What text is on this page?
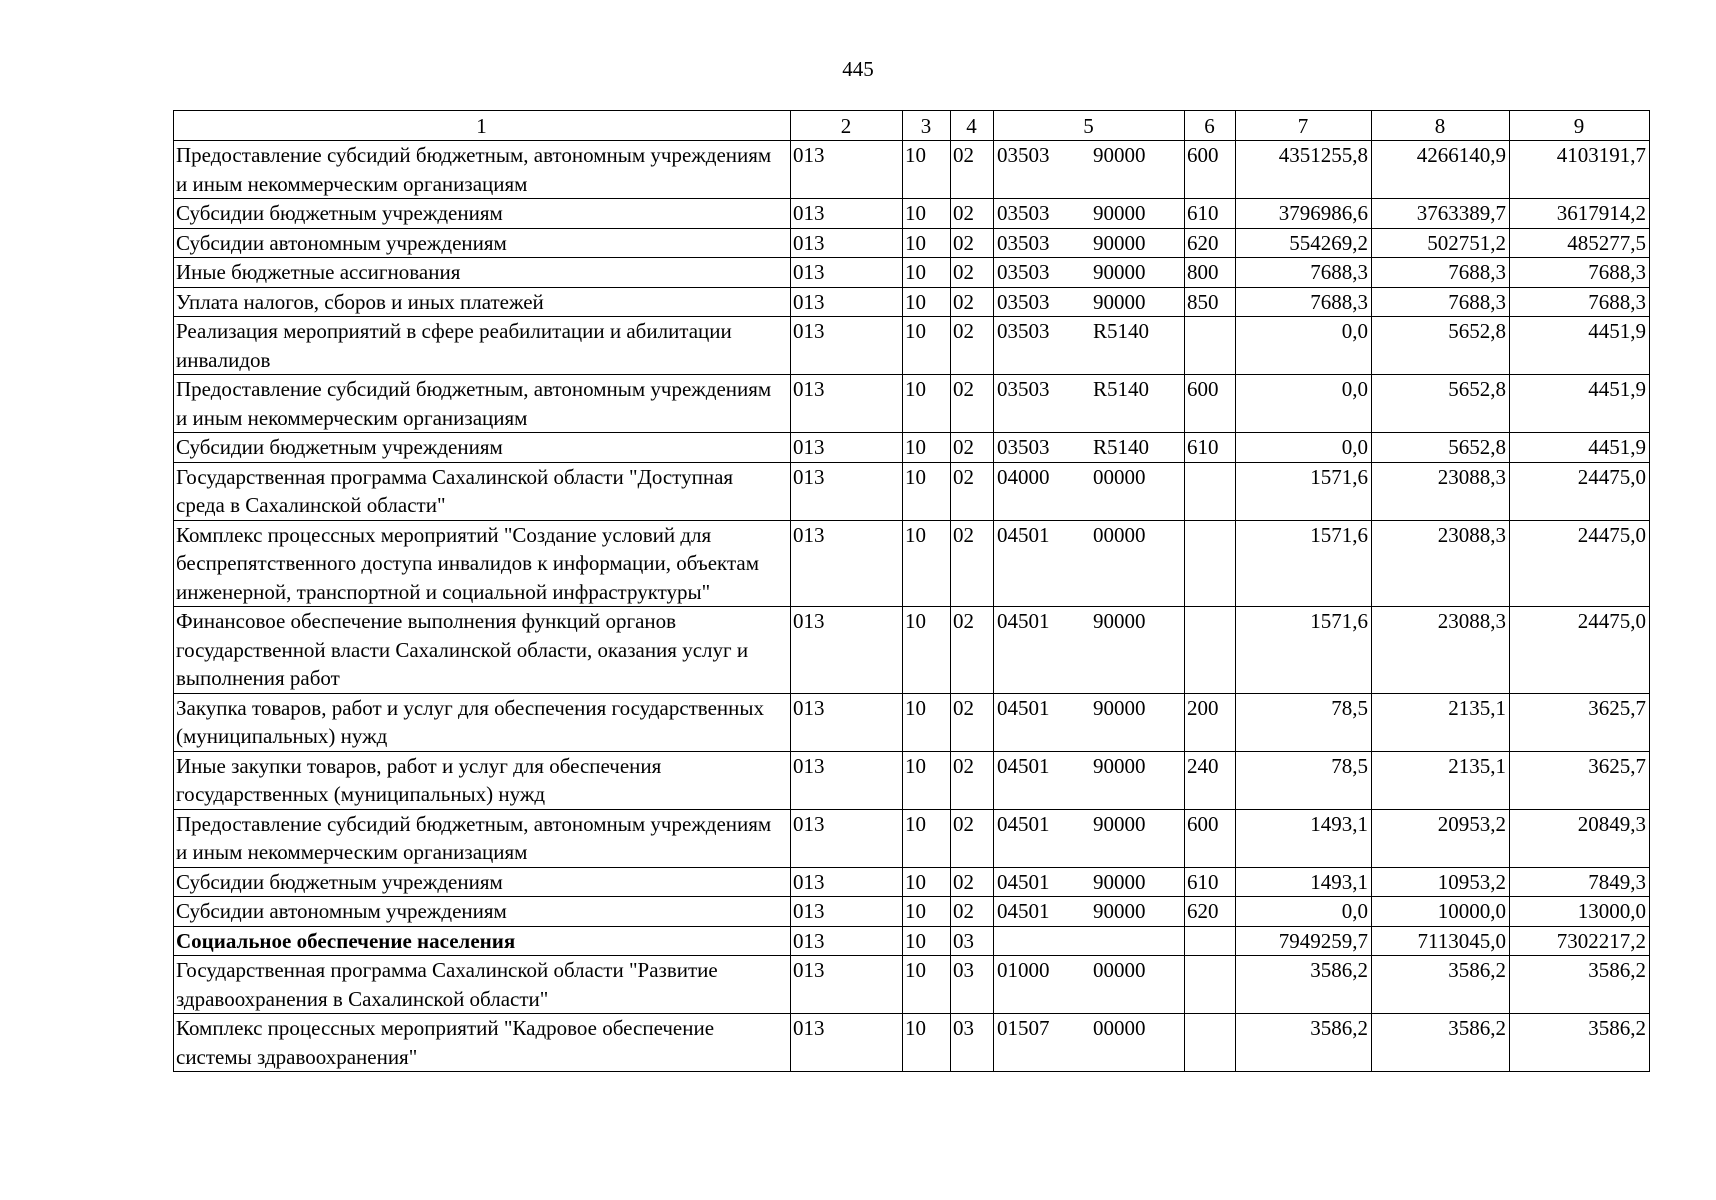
445
1	2	3	4	5	6	7	8	9
Предоставление субсидий бюджетным, автономным учреждениям и иным некоммерческим организациям	013	10	02	03503 90000	600	4351255,8	4266140,9	4103191,7
Субсидии бюджетным учреждениям	013	10	02	03503 90000	610	3796986,6	3763389,7	3617914,2
Субсидии автономным учреждениям	013	10	02	03503 90000	620	554269,2	502751,2	485277,5
Иные бюджетные ассигнования	013	10	02	03503 90000	800	7688,3	7688,3	7688,3
Уплата налогов, сборов и иных платежей	013	10	02	03503 90000	850	7688,3	7688,3	7688,3
Реализация мероприятий в сфере реабилитации и абилитации инвалидов	013	10	02	03503 R5140		0,0	5652,8	4451,9
Предоставление субсидий бюджетным, автономным учреждениям и иным некоммерческим организациям	013	10	02	03503 R5140	600	0,0	5652,8	4451,9
Субсидии бюджетным учреждениям	013	10	02	03503 R5140	610	0,0	5652,8	4451,9
Государственная программа Сахалинской области "Доступная среда в Сахалинской области"	013	10	02	04000 00000		1571,6	23088,3	24475,0
Комплекс процессных мероприятий "Создание условий для беспрепятственного доступа инвалидов к информации, объектам инженерной, транспортной и социальной инфраструктуры"	013	10	02	04501 00000		1571,6	23088,3	24475,0
Финансовое обеспечение выполнения функций органов государственной власти Сахалинской области, оказания услуг и выполнения работ	013	10	02	04501 90000		1571,6	23088,3	24475,0
Закупка товаров, работ и услуг для обеспечения государственных (муниципальных) нужд	013	10	02	04501 90000	200	78,5	2135,1	3625,7
Иные закупки товаров, работ и услуг для обеспечения государственных (муниципальных) нужд	013	10	02	04501 90000	240	78,5	2135,1	3625,7
Предоставление субсидий бюджетным, автономным учреждениям и иным некоммерческим организациям	013	10	02	04501 90000	600	1493,1	20953,2	20849,3
Субсидии бюджетным учреждениям	013	10	02	04501 90000	610	1493,1	10953,2	7849,3
Субсидии автономным учреждениям	013	10	02	04501 90000	620	0,0	10000,0	13000,0
Социальное обеспечение населения	013	10	03			7949259,7	7113045,0	7302217,2
Государственная программа Сахалинской области "Развитие здравоохранения в Сахалинской области"	013	10	03	01000 00000		3586,2	3586,2	3586,2
Комплекс процессных мероприятий "Кадровое обеспечение системы здравоохранения"	013	10	03	01507 00000		3586,2	3586,2	3586,2
